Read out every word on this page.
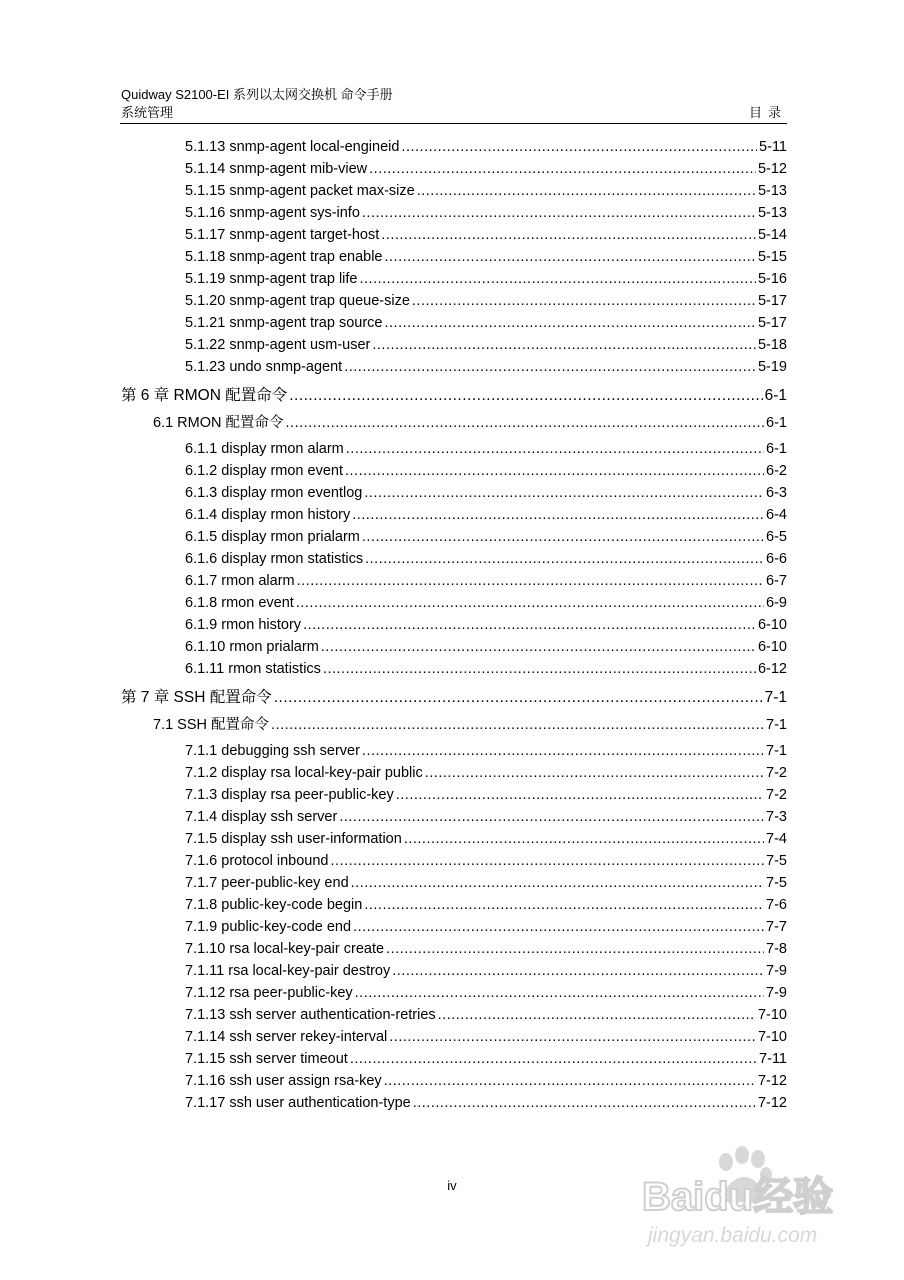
Quidway S2100-EI 系列以太网交换机 命令手册
系统管理	目录
5.1.13 snmp-agent local-engineid .....	5-11
5.1.14 snmp-agent mib-view .....	5-12
5.1.15 snmp-agent packet max-size .....	5-13
5.1.16 snmp-agent sys-info .....	5-13
5.1.17 snmp-agent target-host .....	5-14
5.1.18 snmp-agent trap enable .....	5-15
5.1.19 snmp-agent trap life .....	5-16
5.1.20 snmp-agent trap queue-size .....	5-17
5.1.21 snmp-agent trap source .....	5-17
5.1.22 snmp-agent usm-user .....	5-18
5.1.23 undo snmp-agent .....	5-19
第 6 章 RMON 配置命令 .....	6-1
6.1 RMON 配置命令 .....	6-1
6.1.1 display rmon alarm .....	6-1
6.1.2 display rmon event .....	6-2
6.1.3 display rmon eventlog .....	6-3
6.1.4 display rmon history .....	6-4
6.1.5 display rmon prialarm .....	6-5
6.1.6 display rmon statistics .....	6-6
6.1.7 rmon alarm .....	6-7
6.1.8 rmon event .....	6-9
6.1.9 rmon history .....	6-10
6.1.10 rmon prialarm .....	6-10
6.1.11 rmon statistics .....	6-12
第 7 章 SSH 配置命令 .....	7-1
7.1 SSH 配置命令 .....	7-1
7.1.1 debugging ssh server .....	7-1
7.1.2 display rsa local-key-pair public .....	7-2
7.1.3 display rsa peer-public-key .....	7-2
7.1.4 display ssh server .....	7-3
7.1.5 display ssh user-information .....	7-4
7.1.6 protocol inbound .....	7-5
7.1.7 peer-public-key end .....	7-5
7.1.8 public-key-code begin .....	7-6
7.1.9 public-key-code end .....	7-7
7.1.10 rsa local-key-pair create .....	7-8
7.1.11 rsa local-key-pair destroy .....	7-9
7.1.12 rsa peer-public-key .....	7-9
7.1.13 ssh server authentication-retries .....	7-10
7.1.14 ssh server rekey-interval .....	7-10
7.1.15 ssh server timeout .....	7-11
7.1.16 ssh user assign rsa-key .....	7-12
7.1.17 ssh user authentication-type .....	7-12
iv	Baidu经验
jingyan.baidu.com
